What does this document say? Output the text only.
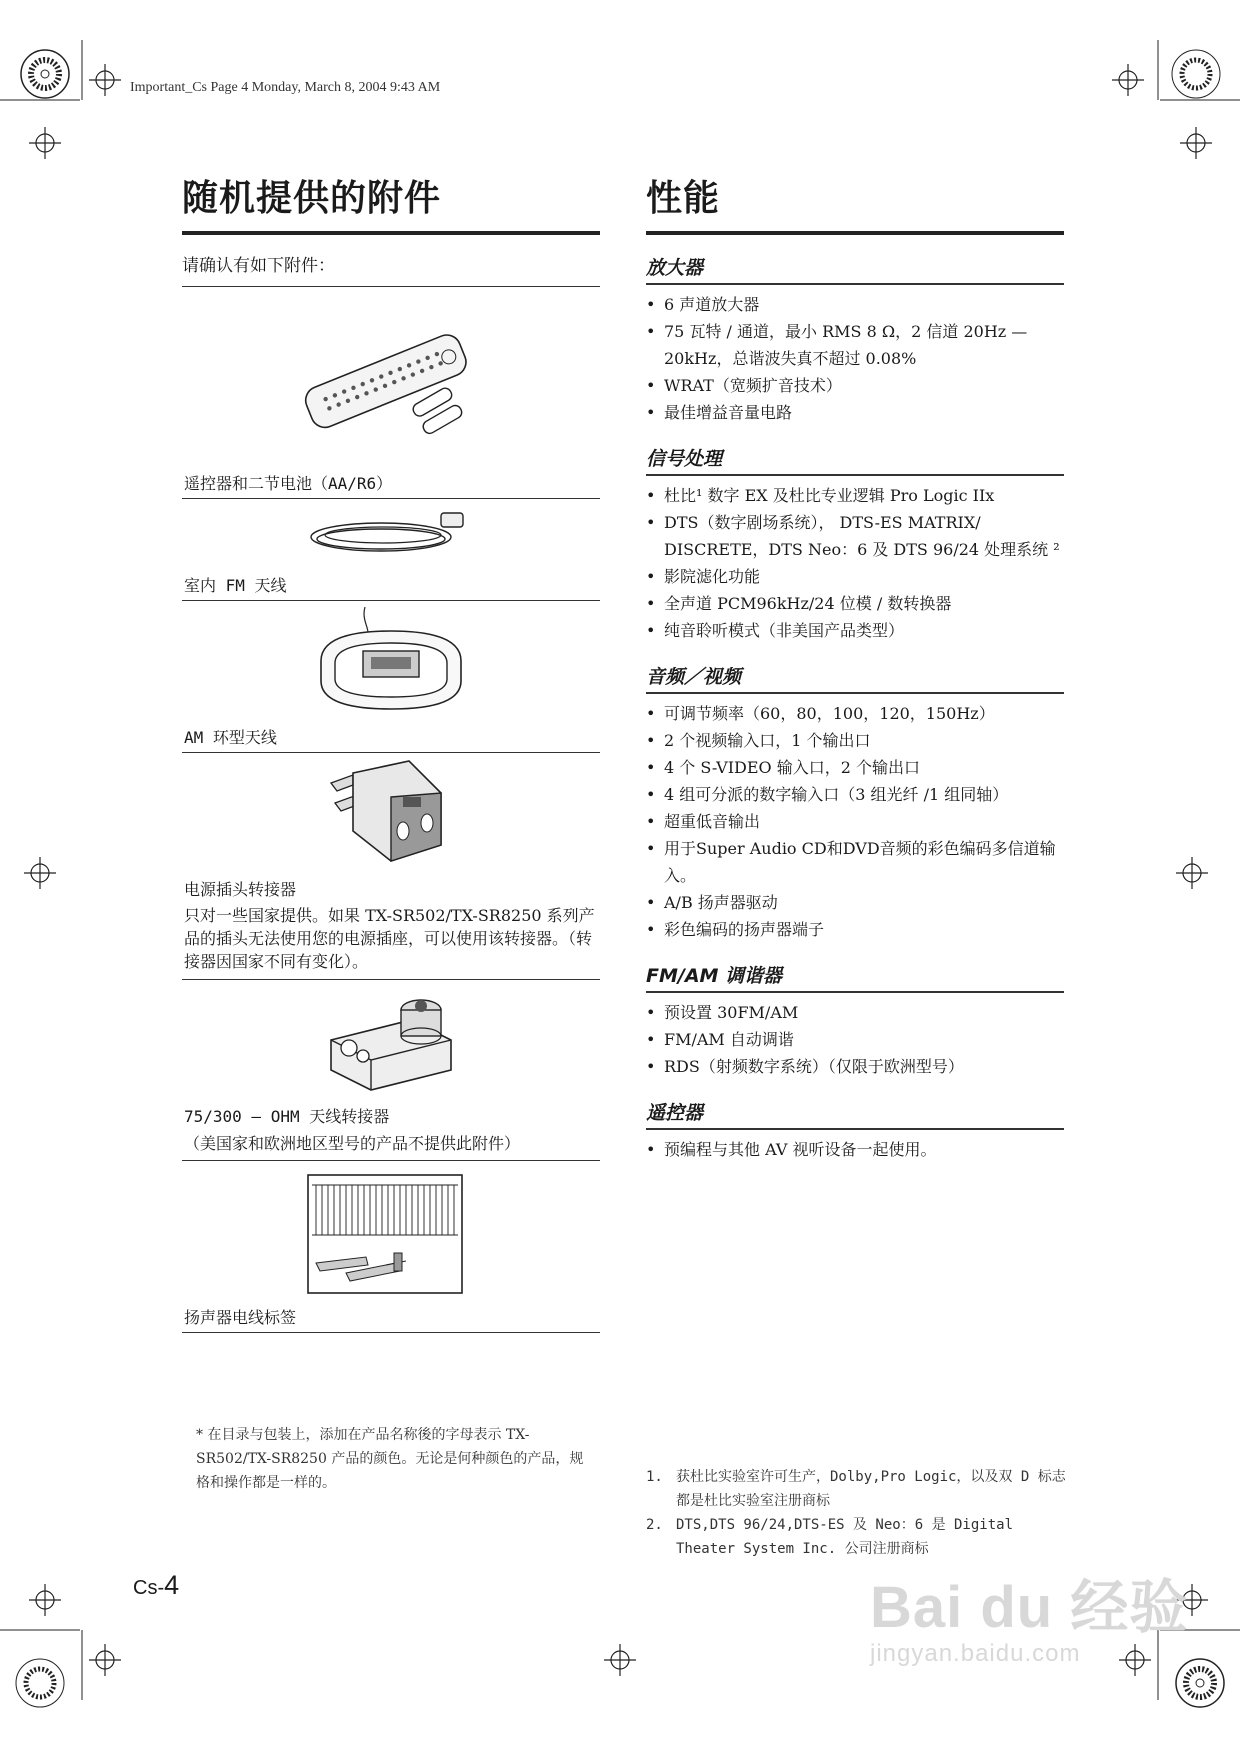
Important_Cs Page 4 Monday, March 8, 2004 9:43 AM
随机提供的附件
请确认有如下附件：
遥控器和二节电池（AA/R6）
室内 FM 天线
AM 环型天线
电源插头转接器
只对一些国家提供。如果 TX-SR502/TX-SR8250 系列产品的插头无法使用您的电源插座，可以使用该转接器。（转接器因国家不同有变化）。
75/300 — OHM 天线转接器
（美国家和欧洲地区型号的产品不提供此附件）
扬声器电线标签
* 在目录与包装上，添加在产品名称後的字母表示 TX-SR502/TX-SR8250 产品的颜色。无论是何种颜色的产品，规格和操作都是一样的。
性能
放大器
• 6 声道放大器
• 75 瓦特 / 通道，最小 RMS 8 Ω，2 信道 20Hz — 20kHz，总谐波失真不超过 0.08%
• WRAT（宽频扩音技术）
• 最佳增益音量电路
信号处理
• 杜比¹ 数字 EX 及杜比专业逻辑 Pro Logic IIx
• DTS（数字剧场系统）， DTS-ES MATRIX/ DISCRETE，DTS Neo：6 及 DTS 96/24 处理系统 ²
• 影院滤化功能
• 全声道 PCM96kHz/24 位模 / 数转换器
• 纯音聆听模式（非美国产品类型）
音频／视频
• 可调节频率（60，80，100，120，150Hz）
• 2 个视频输入口，1 个输出口
• 4 个 S-VIDEO 输入口，2 个输出口
• 4 组可分派的数字输入口（3 组光纤 /1 组同轴）
• 超重低音输出
• 用于Super Audio CD和DVD音频的彩色编码多信道输入。
• A/B 扬声器驱动
• 彩色编码的扬声器端子
FM/AM 调谐器
• 预设置 30FM/AM
• FM/AM 自动调谐
• RDS（射频数字系统）（仅限于欧洲型号）
遥控器
• 预编程与其他 AV 视听设备一起使用。
1. 获杜比实验室许可生产，Dolby,Pro Logic，以及双 D 标志都是杜比实验室注册商标
2. DTS,DTS 96/24,DTS-ES 及 Neo：6 是 Digital Theater System Inc. 公司注册商标
Cs-4	Bai du 经验
jingyan.baidu.com
